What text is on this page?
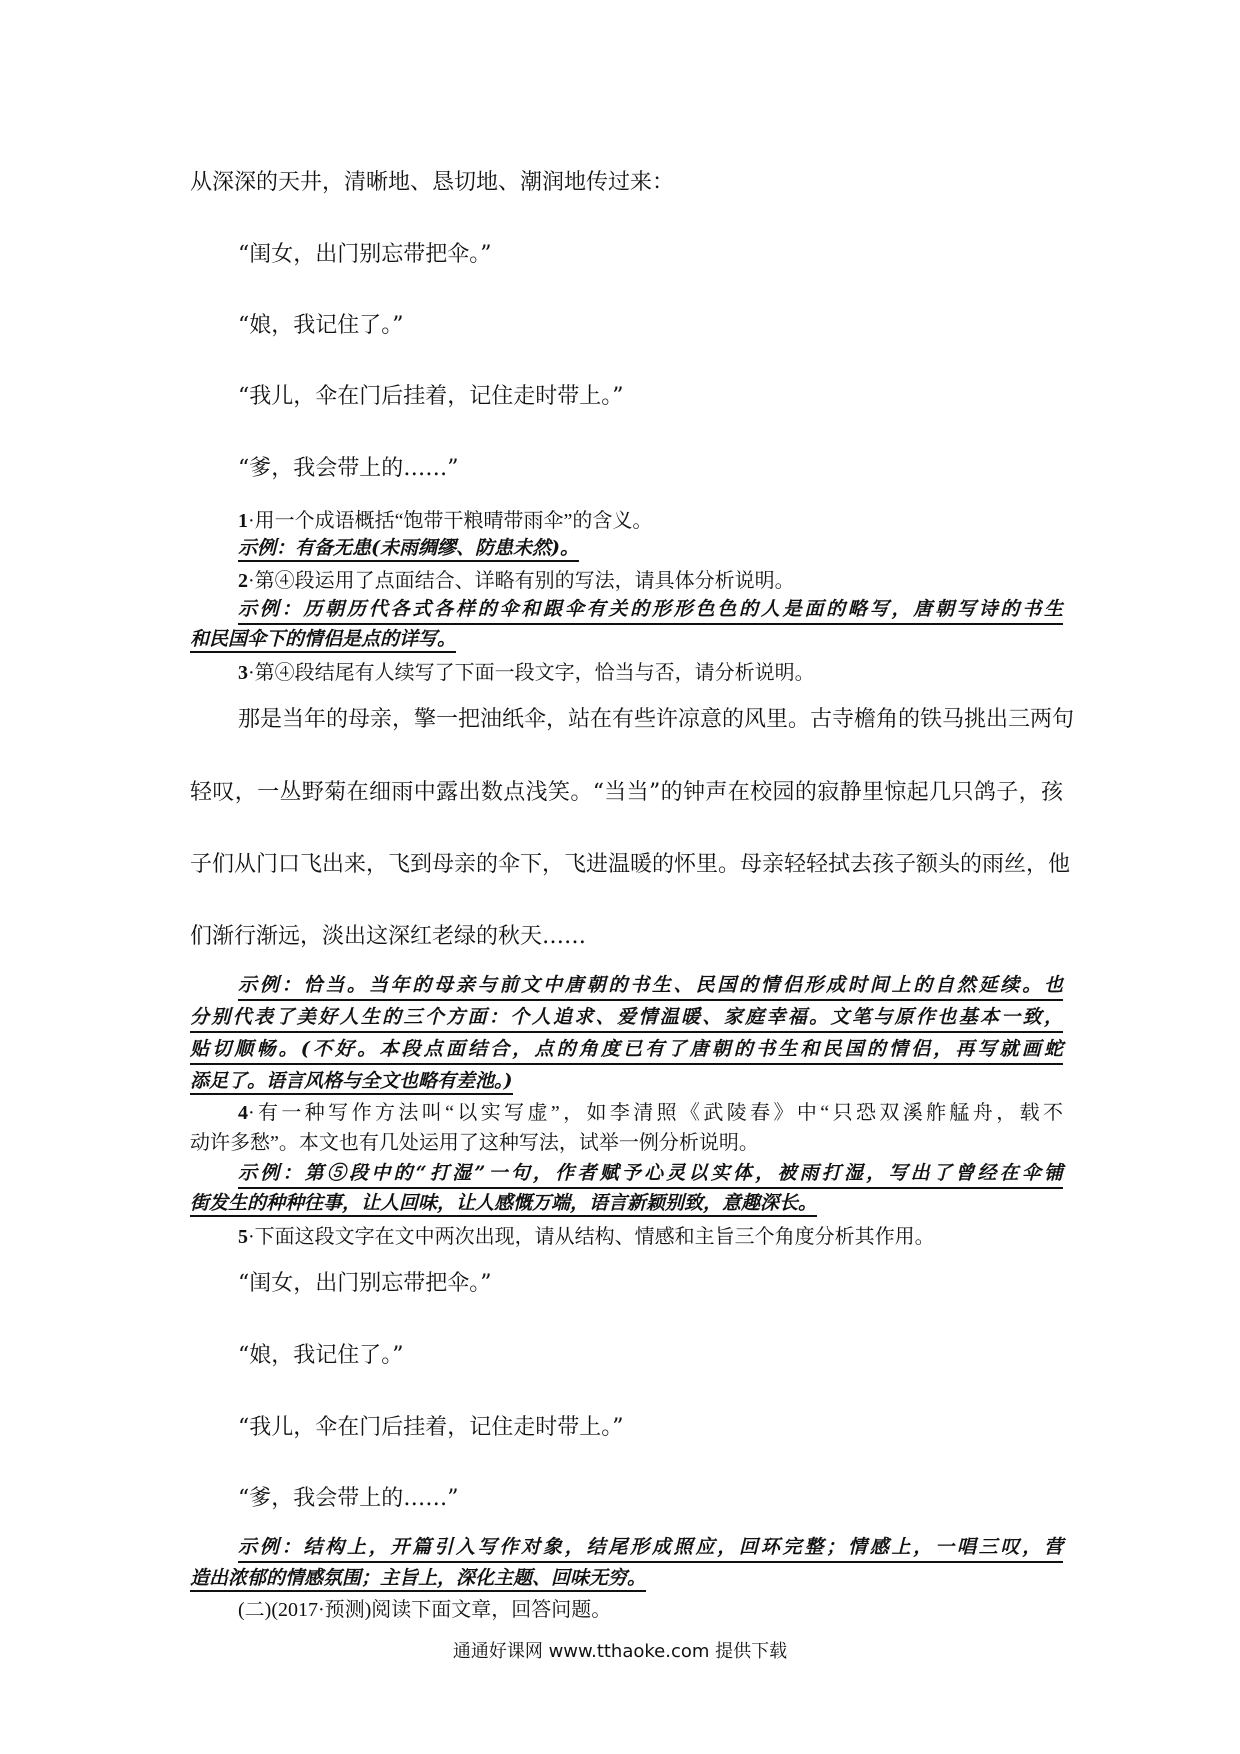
从深深的天井，清晰地、恳切地、潮润地传过来：
“闺女，出门别忘带把伞。”
“娘，我记住了。”
“我儿，伞在门后挂着，记住走时带上。”
“爹，我会带上的……”
1·用一个成语概括“饱带干粮晴带雨伞”的含义。
示例：有备无患(未雨绸缪、防患未然)。
2·第④段运用了点面结合、详略有别的写法，请具体分析说明。
示例：历朝历代各式各样的伞和跟伞有关的形形色色的人是面的略写，唐朝写诗的书生
和民国伞下的情侣是点的详写。
3·第④段结尾有人续写了下面一段文字，恰当与否，请分析说明。
那是当年的母亲，擎一把油纸伞，站在有些许凉意的风里。古寺檐角的铁马挑出三两句
轻叹，一丛野菊在细雨中露出数点浅笑。“当当”的钟声在校园的寂静里惊起几只鸽子，孩
子们从门口飞出来，飞到母亲的伞下，飞进温暖的怀里。母亲轻轻拭去孩子额头的雨丝，他
们渐行渐远，淡出这深红老绿的秋天……
示例：恰当。当年的母亲与前文中唐朝的书生、民国的情侣形成时间上的自然延续。也
分别代表了美好人生的三个方面：个人追求、爱情温暖、家庭幸福。文笔与原作也基本一致，
贴切顺畅。(不好。本段点面结合，点的角度已有了唐朝的书生和民国的情侣，再写就画蛇
添足了。语言风格与全文也略有差池。)
4·有一种写作方法叫“以实写虚”，如李清照《武陵春》中“只恐双溪舴艋舟，载不
动许多愁”。本文也有几处运用了这种写法，试举一例分析说明。
示例：第⑤段中的“打湿”一句，作者赋予心灵以实体，被雨打湿，写出了曾经在伞铺
街发生的种种往事，让人回味，让人感慨万端，语言新颖别致，意趣深长。
5·下面这段文字在文中两次出现，请从结构、情感和主旨三个角度分析其作用。
“闺女，出门别忘带把伞。”
“娘，我记住了。”
“我儿，伞在门后挂着，记住走时带上。”
“爹，我会带上的……”
示例：结构上，开篇引入写作对象，结尾形成照应，回环完整；情感上，一唱三叹，营
造出浓郁的情感氛围；主旨上，深化主题、回味无穷。
(二)(2017·预测)阅读下面文章，回答问题。
通通好课网 www.tthaoke.com 提供下载
